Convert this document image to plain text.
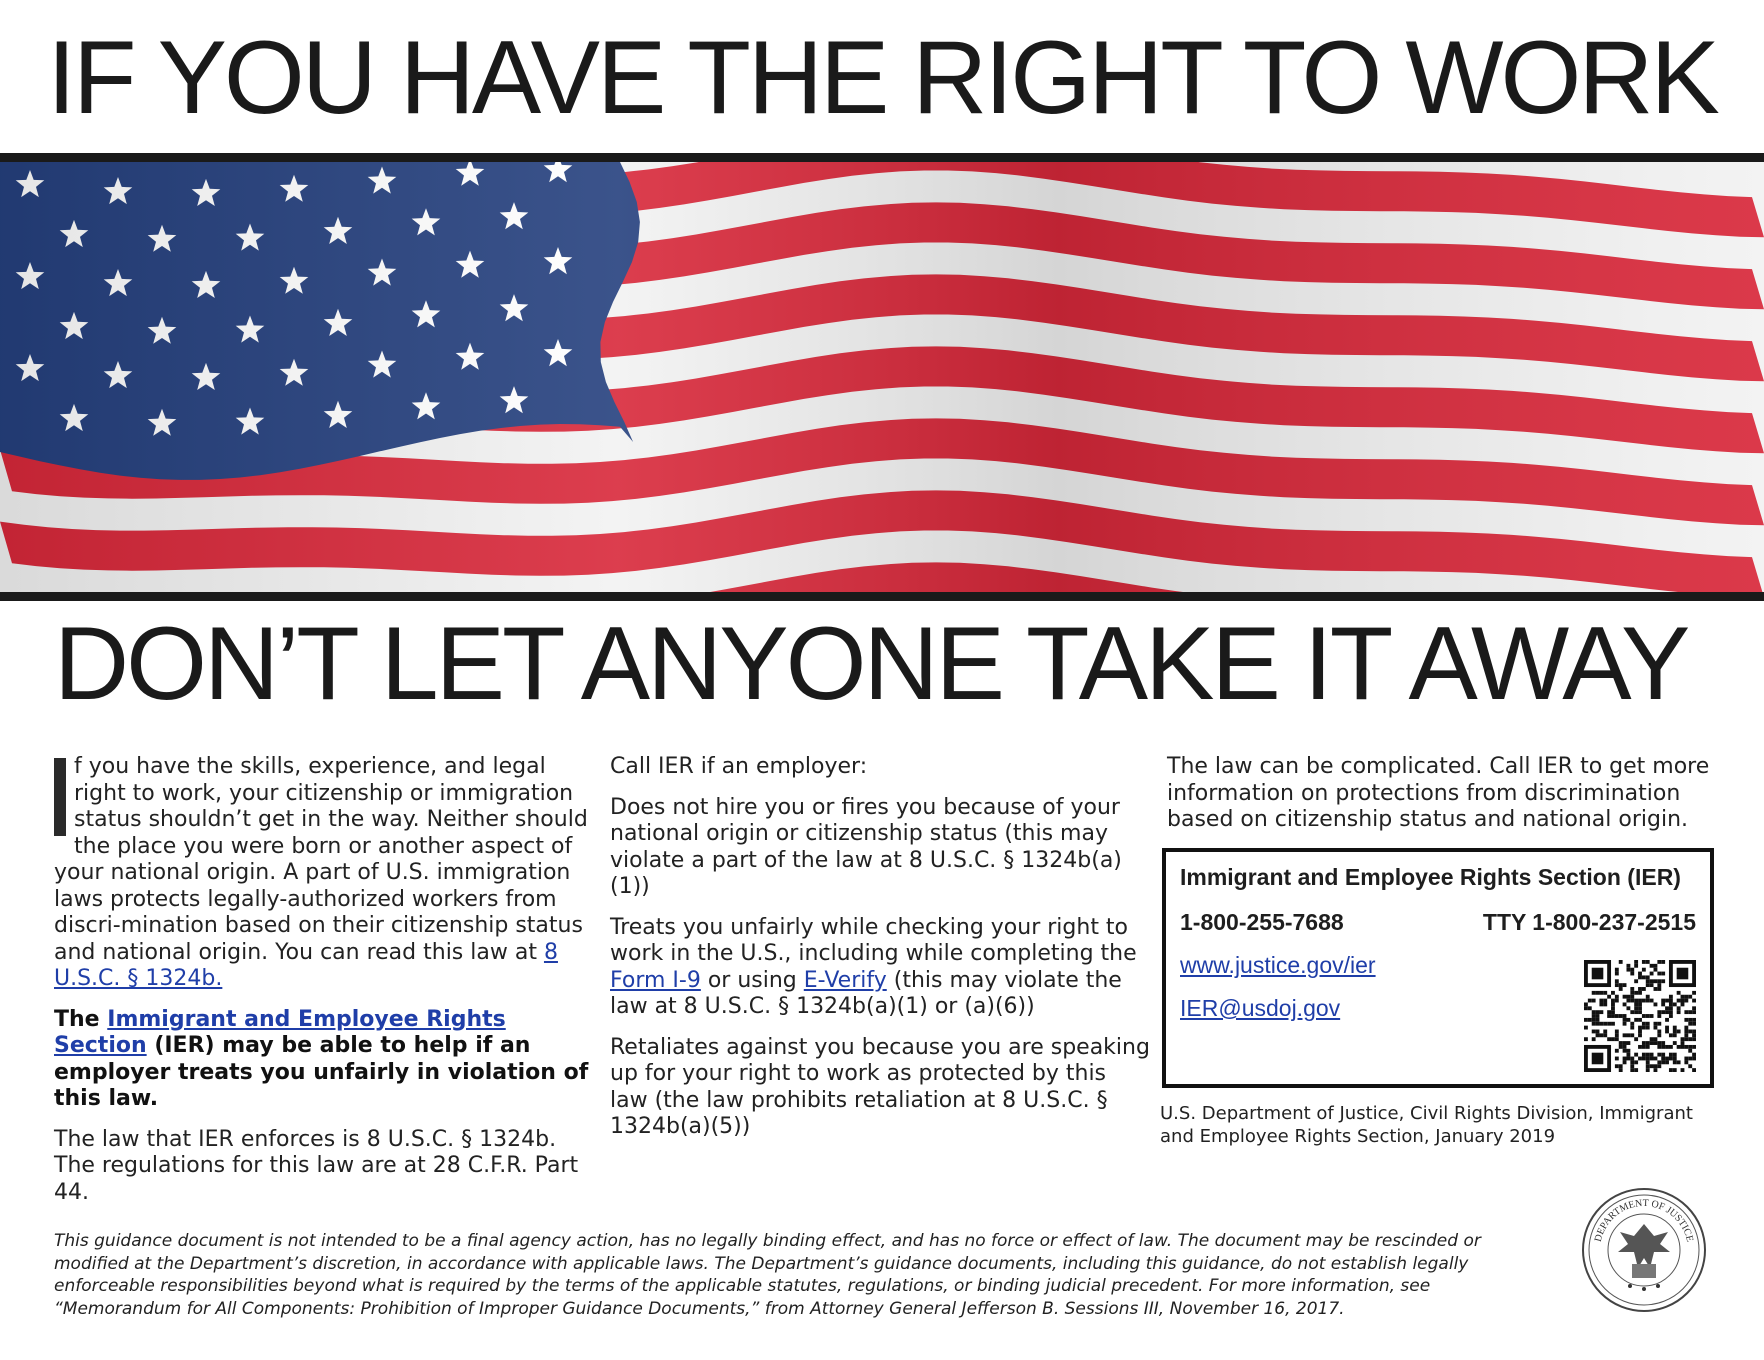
IF YOU HAVE THE RIGHT TO WORK
DON’T LET ANYONE TAKE IT AWAY

f you have the skills, experience, and legal right to work, your citizenship or immigration status shouldn’t get in the way. Neither should the place you were born or another aspect of your national origin. A part of U.S. immigration laws protects legally-authorized workers from discri-mination based on their citizenship status and national origin. You can read this law at 8 U.S.C. § 1324b.

The Immigrant and Employee Rights Section (IER) may be able to help if an employer treats you unfairly in violation of this law.

The law that IER enforces is 8 U.S.C. § 1324b. The regulations for this law are at 28 C.F.R. Part 44.

Call IER if an employer:

Does not hire you or fires you because of your national origin or citizenship status (this may violate a part of the law at 8 U.S.C. § 1324b(a)(1))

Treats you unfairly while checking your right to work in the U.S., including while completing the Form I-9 or using E-Verify (this may violate the law at 8 U.S.C. § 1324b(a)(1) or (a)(6))

Retaliates against you because you are speaking up for your right to work as protected by this law (the law prohibits retaliation at 8 U.S.C. § 1324b(a)(5))

The law can be complicated. Call IER to get more information on protections from discrimination based on citizenship status and national origin.

Immigrant and Employee Rights Section (IER)
1-800-255-7688	TTY 1-800-237-2515
www.justice.gov/ier
IER@usdoj.gov
U.S. Department of Justice, Civil Rights Division, Immigrant and Employee Rights Section, January 2019
This guidance document is not intended to be a final agency action, has no legally binding effect, and has no force or effect of law. The document may be rescinded or modified at the Department’s discretion, in accordance with applicable laws. The Department’s guidance documents, including this guidance, do not establish legally enforceable responsibilities beyond what is required by the terms of the applicable statutes, regulations, or binding judicial precedent. For more information, see “Memorandum for All Components: Prohibition of Improper Guidance Documents,” from Attorney General Jefferson B. Sessions III, November 16, 2017.
DEPARTMENT OF JUSTICE
